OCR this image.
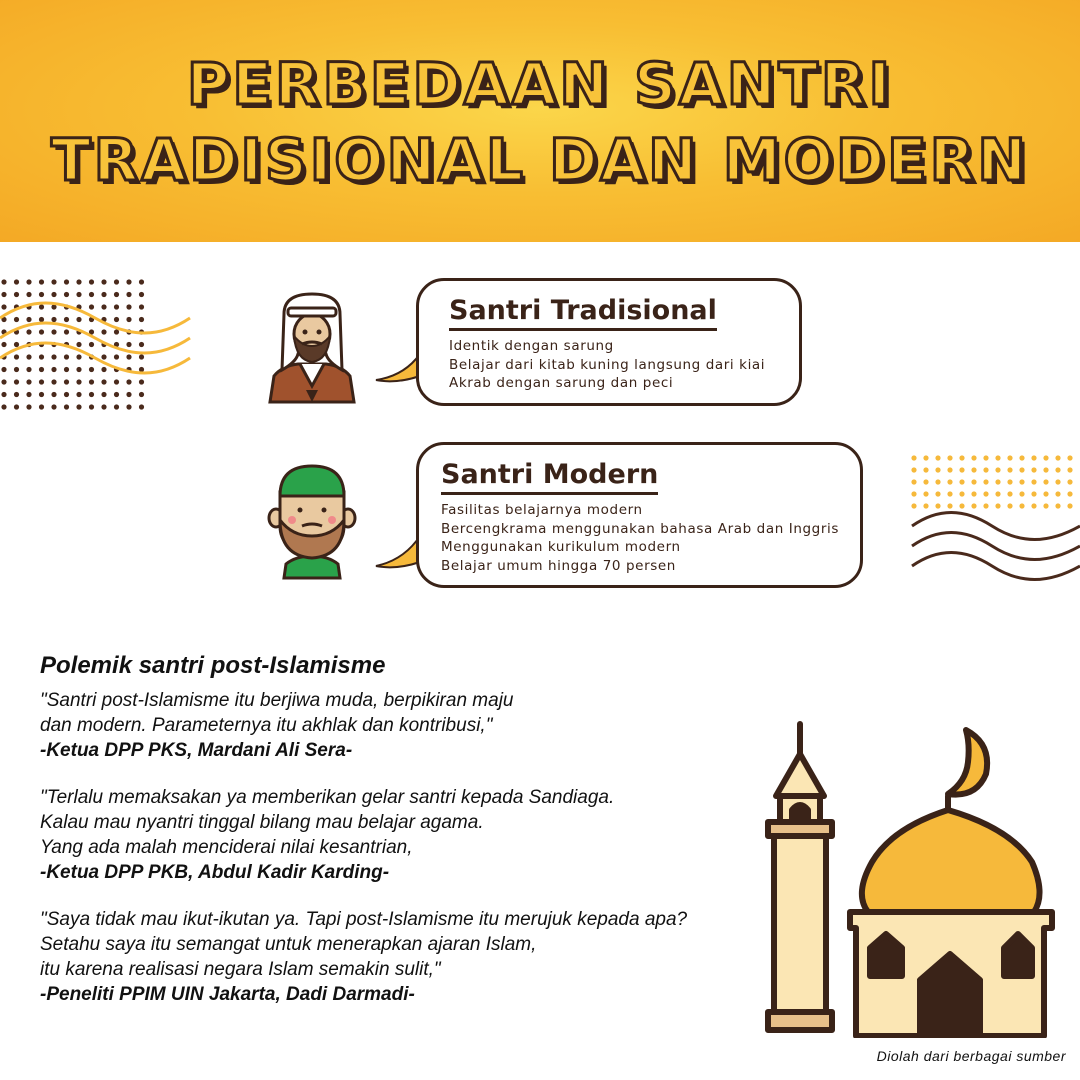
PERBEDAAN SANTRI
TRADISIONAL DAN MODERN
Santri Tradisional
Identik dengan sarung
Belajar dari kitab kuning langsung dari kiai
Akrab dengan sarung dan peci
Santri Modern
Fasilitas belajarnya modern
Bercengkrama menggunakan bahasa Arab dan Inggris
Menggunakan kurikulum modern
Belajar umum hingga 70 persen
Polemik santri post-Islamisme

"Santri post-Islamisme itu berjiwa muda, berpikiran maju
dan modern. Parameternya itu akhlak dan kontribusi,"

-Ketua DPP PKS, Mardani Ali Sera-

"Terlalu memaksakan ya memberikan gelar santri kepada Sandiaga.
Kalau mau nyantri tinggal bilang mau belajar agama.
Yang ada malah menciderai nilai kesantrian,

-Ketua DPP PKB, Abdul Kadir Karding-

"Saya tidak mau ikut-ikutan ya. Tapi post-Islamisme itu merujuk kepada apa?
Setahu saya itu semangat untuk menerapkan ajaran Islam,
itu karena realisasi negara Islam semakin sulit,"

-Peneliti PPIM UIN Jakarta, Dadi Darmadi-

Diolah dari berbagai sumber
